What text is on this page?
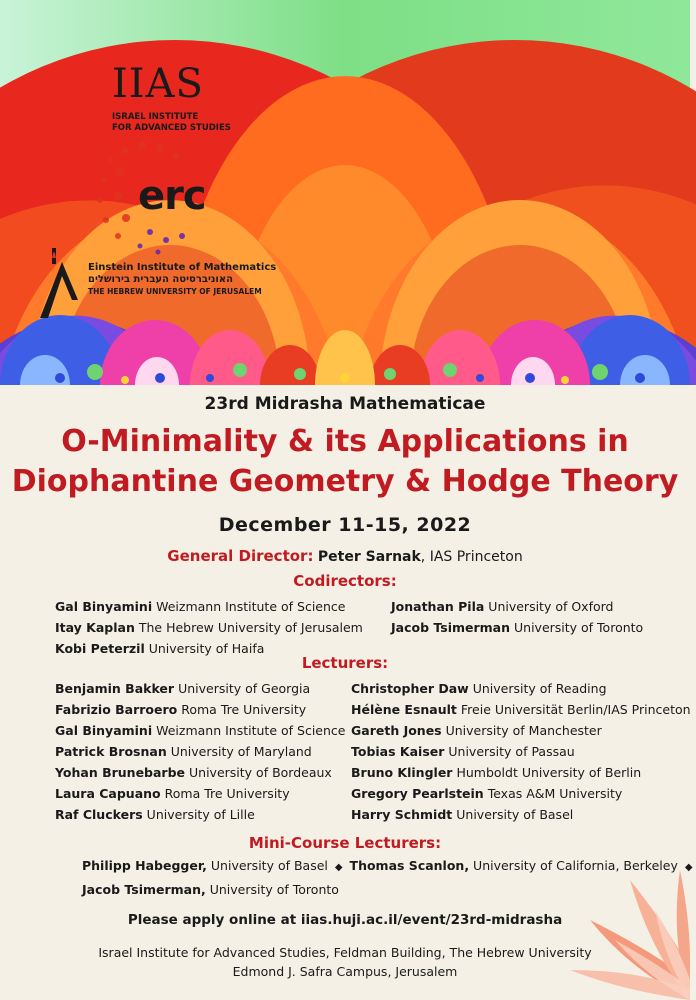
IIAS
ISRAEL INSTITUTE
FOR ADVANCED STUDIES
erc
Einstein Institute of Mathematics
האוניברסיטה העברית בירושלים
THE HEBREW UNIVERSITY OF JERUSALEM
23rd Midrasha Mathematicae
O-Minimality & its Applications in
Diophantine Geometry & Hodge Theory
December 11-15, 2022
General Director: Peter Sarnak, IAS Princeton
Codirectors:
Gal Binyamini Weizmann Institute of Science
Itay Kaplan The Hebrew University of Jerusalem
Kobi Peterzil University of Haifa
Jonathan Pila University of Oxford
Jacob Tsimerman University of Toronto
Lecturers:
Benjamin Bakker University of Georgia
Fabrizio Barroero Roma Tre University
Gal Binyamini Weizmann Institute of Science
Patrick Brosnan University of Maryland
Yohan Brunebarbe University of Bordeaux
Laura Capuano Roma Tre University
Raf Cluckers University of Lille
Christopher Daw University of Reading
Hélène Esnault Freie Universität Berlin/IAS Princeton
Gareth Jones University of Manchester
Tobias Kaiser University of Passau
Bruno Klingler Humboldt University of Berlin
Gregory Pearlstein Texas A&M University
Harry Schmidt University of Basel
Mini-Course Lecturers:
Philipp Habegger, University of Basel ◆ Thomas Scanlon, University of California, Berkeley ◆
Jacob Tsimerman, University of Toronto
Please apply online at iias.huji.ac.il/event/23rd-midrasha
Israel Institute for Advanced Studies, Feldman Building, The Hebrew University
Edmond J. Safra Campus, Jerusalem
